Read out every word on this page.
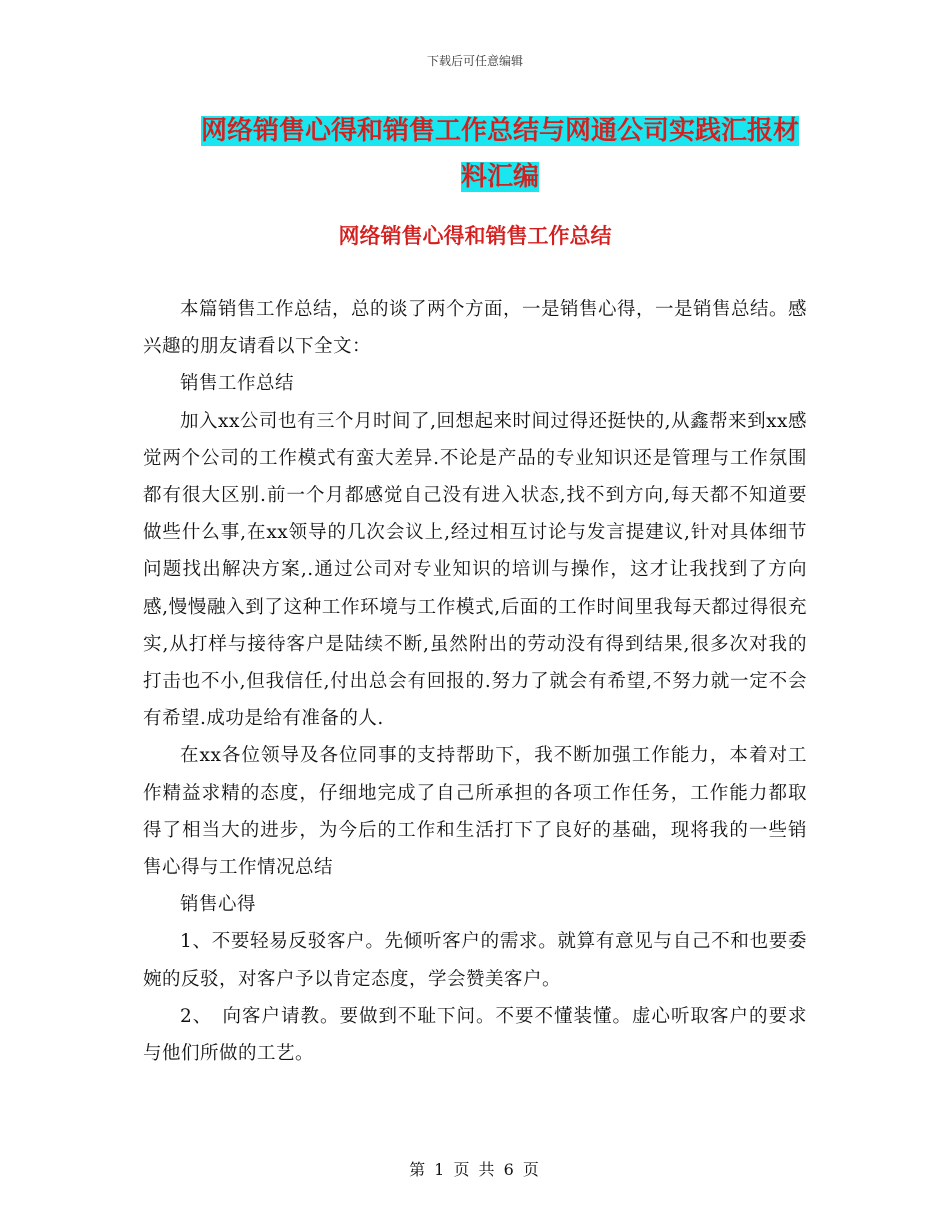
下载后可任意编辑
网络销售心得和销售工作总结与网通公司实践汇报材
料汇编
网络销售心得和销售工作总结

本篇销售工作总结，总的谈了两个方面，一是销售心得，一是销售总结。感兴趣的朋友请看以下全文：

销售工作总结

加入xx公司也有三个月时间了,回想起来时间过得还挺快的,从鑫帮来到xx感觉两个公司的工作模式有蛮大差异.不论是产品的专业知识还是管理与工作氛围都有很大区别.前一个月都感觉自己没有进入状态,找不到方向,每天都不知道要做些什么事,在xx领导的几次会议上,经过相互讨论与发言提建议,针对具体细节问题找出解决方案,.通过公司对专业知识的培训与操作，这才让我找到了方向感,慢慢融入到了这种工作环境与工作模式,后面的工作时间里我每天都过得很充实,从打样与接待客户是陆续不断,虽然附出的劳动没有得到结果,很多次对我的打击也不小,但我信任,付出总会有回报的.努力了就会有希望,不努力就一定不会有希望.成功是给有准备的人.

在xx各位领导及各位同事的支持帮助下，我不断加强工作能力，本着对工作精益求精的态度，仔细地完成了自己所承担的各项工作任务，工作能力都取得了相当大的进步，为今后的工作和生活打下了良好的基础，现将我的一些销售心得与工作情况总结

销售心得

1、不要轻易反驳客户。先倾听客户的需求。就算有意见与自己不和也要委婉的反驳，对客户予以肯定态度，学会赞美客户。

2、　向客户请教。要做到不耻下问。不要不懂装懂。虚心听取客户的要求与他们所做的工艺。

第 1 页 共 6 页
